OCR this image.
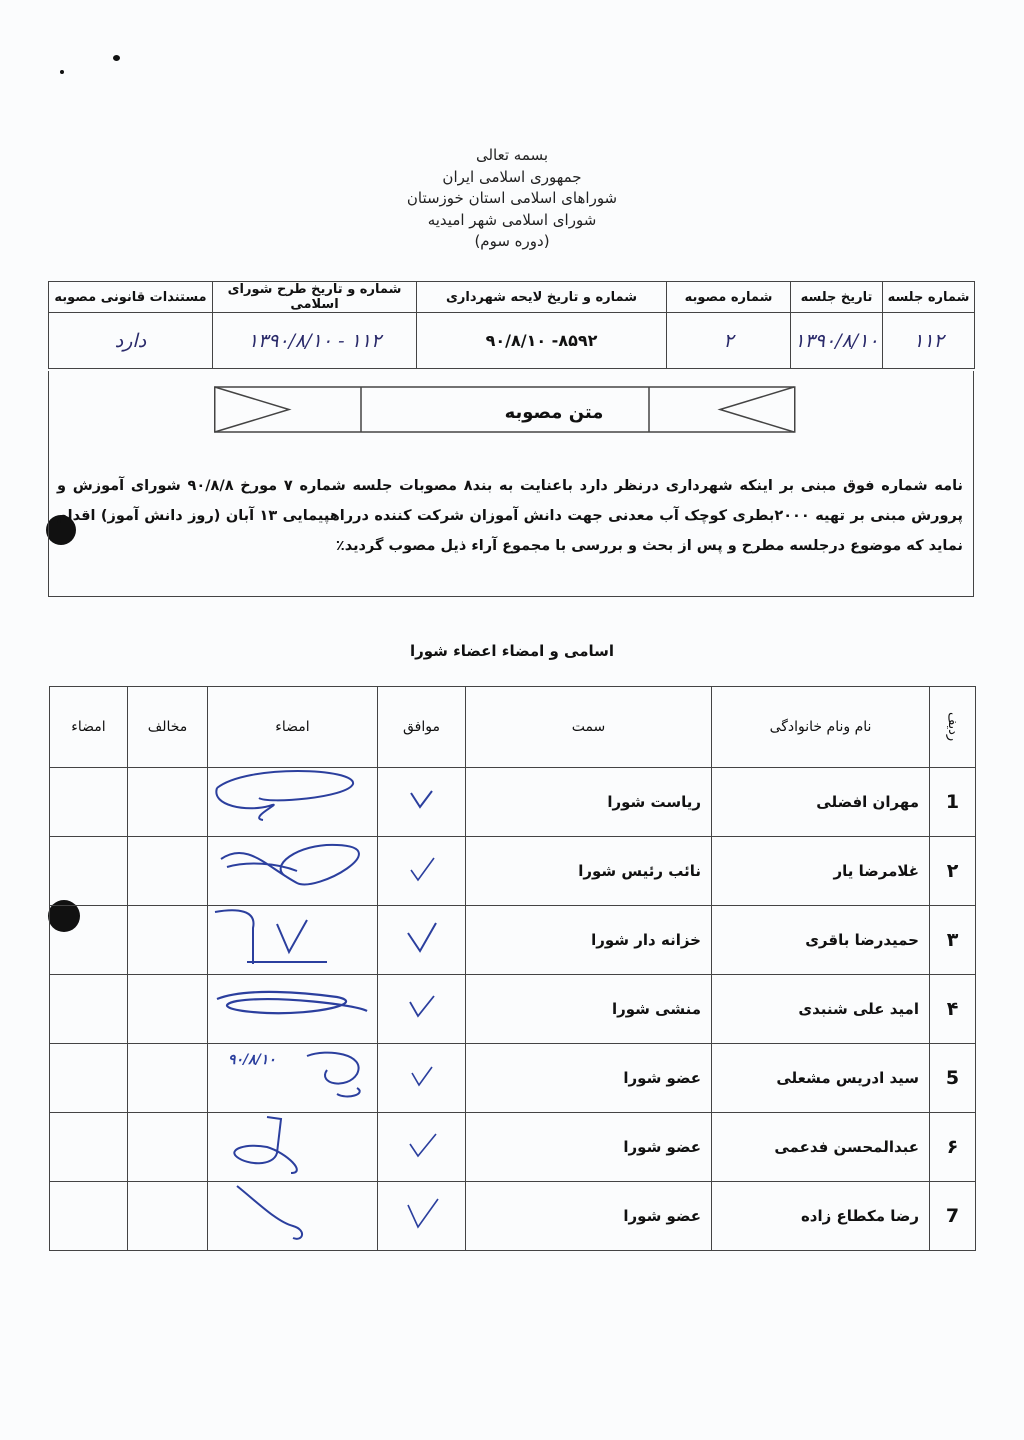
بسمه تعالی
جمهوری اسلامی ایران
شوراهای اسلامی استان خوزستان
شورای اسلامی شهر امیدیه
(دوره سوم)
شماره جلسه	تاریخ جلسه	شماره مصوبه	شماره و تاریخ لایحه شهرداری	شماره و تاریخ طرح شورای اسلامی	مستندات قانونی مصوبه
۱۱۲	۱۳۹۰/۸/۱۰	۲	۸۵۹۲- ۹۰/۸/۱۰	۱۱۲ - ۱۳۹۰/۸/۱۰	دارد
متن مصوبه
نامه شماره فوق مبنی بر اینکه شهرداری درنظر دارد باعنایت به بند۸ مصوبات جلسه شماره ۷ مورخ ۹۰/۸/۸ شورای آموزش و پرورش مبنی بر تهیه ۲۰۰۰بطری کوچک آب معدنی جهت دانش آموزان شرکت کننده درراهپیمایی ۱۳ آبان (روز دانش آموز) اقدام نماید که موضوع درجلسه مطرح و پس از بحث و بررسی با مجموع آراء ذیل مصوب گردید٪
اسامی و امضاء اعضاء شورا
ردیف	نام ونام خانوادگی	سمت	موافق	امضاء	مخالف	امضاء
1	مهران افضلی	ریاست شورا				
۲	غلامرضا یار	نائب رئیس شورا				
۳	حمیدرضا باقری	خزانه دار شورا				
۴	امید علی شنبدی	منشی شورا				
5	سید ادریس مشعلی	عضو شورا		۹۰/۸/۱۰		

۶	عبدالمحسن فدعمی	عضو شورا				
7	رضا مکطاع زاده	عضو شورا				
